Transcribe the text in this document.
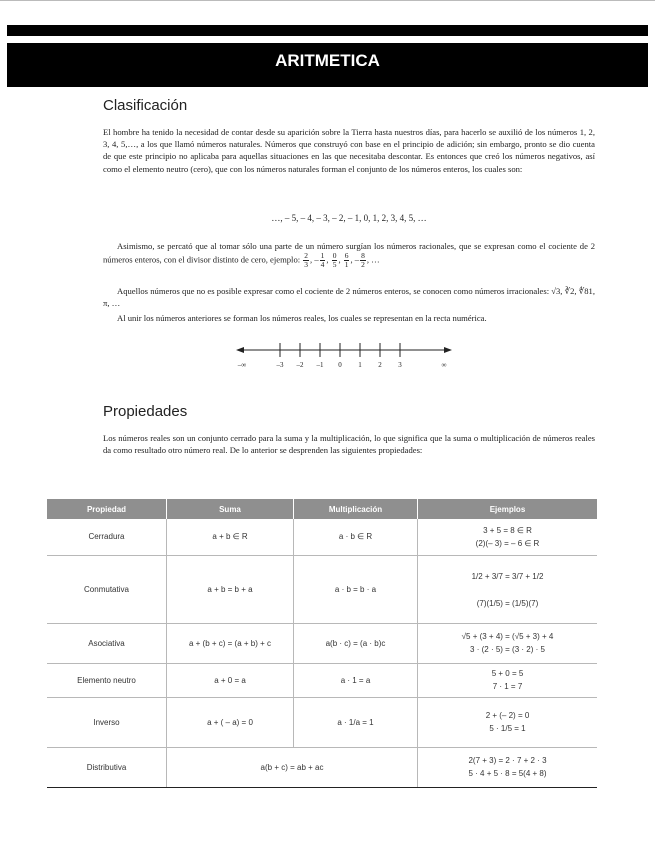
ARITMETICA
Clasificación

El hombre ha tenido la necesidad de contar desde su aparición sobre la Tierra hasta nuestros días, para hacerlo se auxilió de los números 1, 2, 3, 4, 5,…, a los que llamó números naturales. Números que construyó con base en el principio de adición; sin embargo, pronto se dio cuenta de que este principio no aplicaba para aquellas situaciones en las que necesitaba descontar. Es entonces que creó los números negativos, así como el elemento neutro (cero), que con los números naturales forman el conjunto de los números enteros, los cuales son:

…, – 5, – 4, – 3, – 2, – 1, 0, 1, 2, 3, 4, 5, …

Asimismo, se percató que al tomar sólo una parte de un número surgían los números racionales, que se expresan como el cociente de 2 números enteros, con el divisor distinto de cero, ejemplo: $\frac{2}{3}$ , – $\frac{1}{4}$ , $\frac{0}{5}$ , $\frac{6}{1}$ , – $\frac{8}{2}$ , …

Aquellos números que no es posible expresar como el cociente de 2 números enteros, se conocen como números irracionales: √3, ∛2, ∜81, π, …

Al unir los números anteriores se forman los números reales, los cuales se representan en la recta numérica.

–∞	∞
–3 –2 –1 0 1 2 3
Propiedades

Los números reales son un conjunto cerrado para la suma y la multiplicación, lo que significa que la suma o multiplicación de números reales da como resultado otro número real. De lo anterior se desprenden las siguientes propiedades:

Propiedad	Suma	Multiplicación	Ejemplos
Cerradura	a + b ∈ R	a · b ∈ R	3 + 5 = 8 ∈ R
(2)(– 3) = – 6 ∈ R

Conmutativa	a + b = b + a	a · b = b · a	1/2 + 3/7 = 3/7 + 1/2
(7)(1/5) = (1/5)(7)

Asociativa	a + (b + c) = (a + b) + c	a(b · c) = (a · b)c	√5 + (3 + 4) = (√5 + 3) + 4
3 · (2 · 5) = (3 · 2) · 5

Elemento neutro	a + 0 = a	a · 1 = a	5 + 0 = 5
7 · 1 = 7

Inverso	a + ( – a) = 0	a · 1/a = 1	2 + (– 2) = 0
5 · 1/5 = 1

Distributiva	a(b + c) = ab + ac		2(7 + 3) = 2 · 7 + 2 · 3
5 · 4 + 5 · 8 = 5(4 + 8)
